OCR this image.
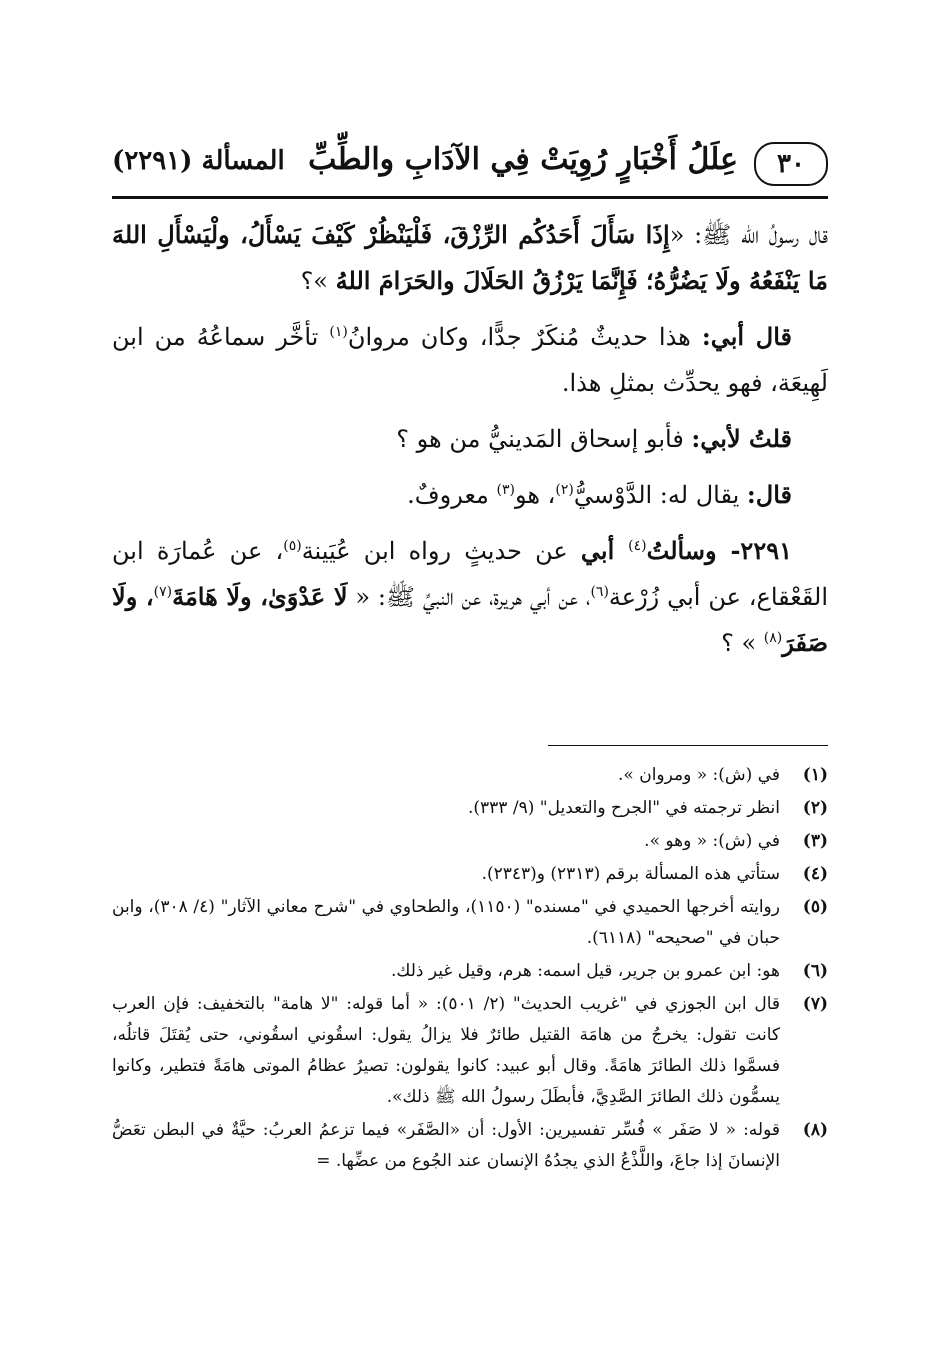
٣٠
عِلَلُ أَخْبَارٍ رُوِيَتْ فِي الآدَابِ والطِّبِّ
المسألة (٢٢٩١)

قال رسولُ الله ﷺ: «إِذَا سَأَلَ أَحَدُكُم الرِّزْقَ، فَلْيَنْظُرْ كَيْفَ يَسْأَلُ، ولْيَسْأَلِ اللهَ مَا يَنْفَعُهُ ولَا يَضُرُّهُ؛ فَإِنَّمَا يَرْزُقُ الحَلَالَ والحَرَامَ اللهُ »؟

قال أبي: هذا حديثٌ مُنكَرٌ جدًّا، وكان مروانُ$^{(١)}$ تأخَّر سماعُهُ من ابن لَهِيعَة، فهو يحدِّث بمثلِ هذا.

قلتُ لأبي: فأبو إسحاق المَدينيُّ من هو ؟

قال: يقال له: الدَّوْسيُّ$^{(٢)}$، هو$^{(٣)}$ معروفٌ.

٢٢٩١- وسألتُ$^{(٤)}$ أبي عن حديثٍ رواه ابن عُيَينة$^{(٥)}$، عن عُمارَة ابن القَعْقاع، عن أبي زُرْعة$^{(٦)}$، عن أبي هريرة، عن النبيِّ ﷺ: « لَا عَدْوَىٰ، ولَا هَامَةَ$^{(٧)}$، ولَا صَفَرَ$^{(٨)}$ » ؟

(١)
في (ش): « ومروان ».
(٢)
انظر ترجمته في "الجرح والتعديل" (٩/ ٣٣٣).
(٣)
في (ش): « وهو ».
(٤)
ستأتي هذه المسألة برقم (٢٣١٣) و(٢٣٤٣).
(٥)
روايته أخرجها الحميدي في "مسنده" (١١٥٠)، والطحاوي في "شرح معاني الآثار" (٤/ ٣٠٨)، وابن حبان في "صحيحه" (٦١١٨).
(٦)
هو: ابن عمرو بن جرير، قيل اسمه: هرم، وقيل غير ذلك.
(٧)
قال ابن الجوزي في "غريب الحديث" (٢/ ٥٠١): « أما قوله: "لا هامة" بالتخفيف: فإن العرب كانت تقول: يخرجُ من هامَة القتيل طائرٌ فلا يزالُ يقول: اسقُوني اسقُوني، حتى يُقتَلَ قاتلُه، فسمَّوا ذلك الطائرَ هامَةً. وقال أبو عبيد: كانوا يقولون: تصيرُ عظامُ الموتى هامَةً فتطير، وكانوا يسمُّون ذلك الطائرَ الصَّدِيَّ، فأبطَلَ رسولُ الله ﷺ ذلك».
(٨)
قوله: « لا صَفَر » فُسِّر تفسيرين: الأول: أن «الصَّفَر» فيما تزعمُ العربُ: حيَّةٌ في البطن تعَضُّ الإنسانَ إذا جاعَ، واللَّذْعُ الذي يجدُهُ الإنسان عند الجُوع من عضِّها. =
